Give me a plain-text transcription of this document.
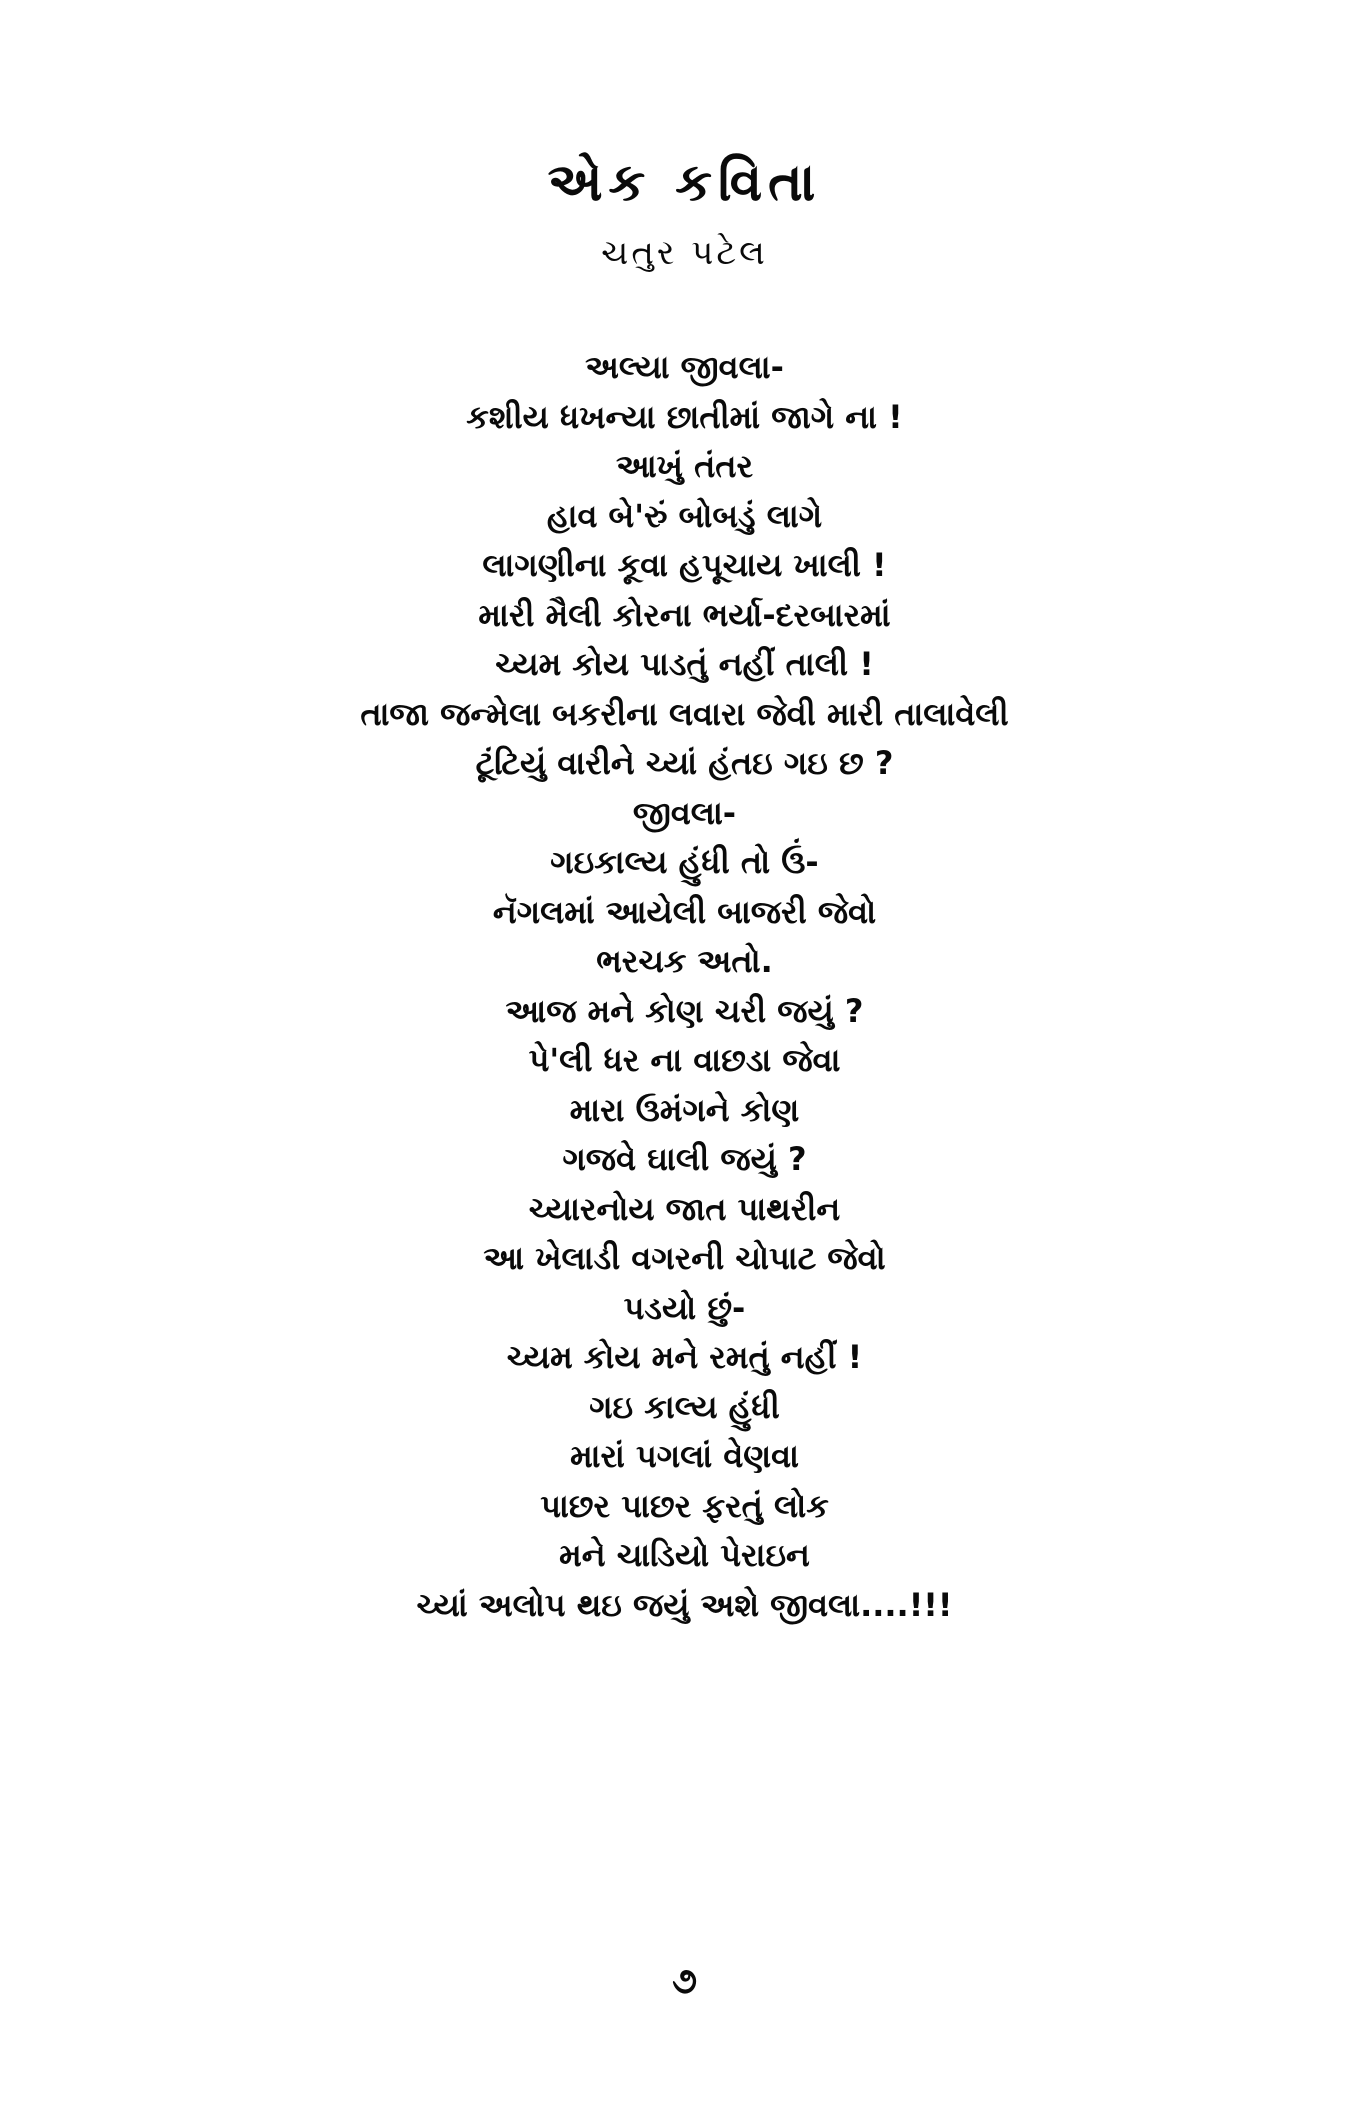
એક કવિતા
ચતુર પટેલ
અલ્યા જીવલા-
કશીય ધખન્યા છાતીમાં જાગે ના !
આખું તંતર
હાવ બે'રું બોબડું લાગે
લાગણીના કૂવા હપૂચાય ખાલી !
મારી મૈલી કોરના ભર્યા-દરબારમાં
ચ્યમ કોય પાડતું નહીં તાલી !
તાજા જન્મેલા બકરીના લવારા જેવી મારી તાલાવેલી
ટૂંટિયું વારીને ચ્યાં હંતઇ ગઇ છ ?
જીવલા-
ગઇકાલ્ય હુંધી તો ઉં-
નૅગલમાં આયેલી બાજરી જેવો
ભરચક અતો.
આજ મને કોણ ચરી જયું ?
પે'લી ધર ના વાછડા જેવા
મારા ઉમંગને કોણ
ગજવે ઘાલી જયું ?
ચ્યારનોય જાત પાથરીન
આ ખેલાડી વગરની ચોપાટ જેવો
પડયો છું-
ચ્યમ કોય મને રમતું નહીં !
ગઇ કાલ્ય હુંધી
મારાં પગલાં વેણવા
પાછર પાછર ફરતું લોક
મને ચાડિયો પેરાઇન
ચ્યાં અલોપ થઇ જયું અશે જીવલા....!!!
૭
